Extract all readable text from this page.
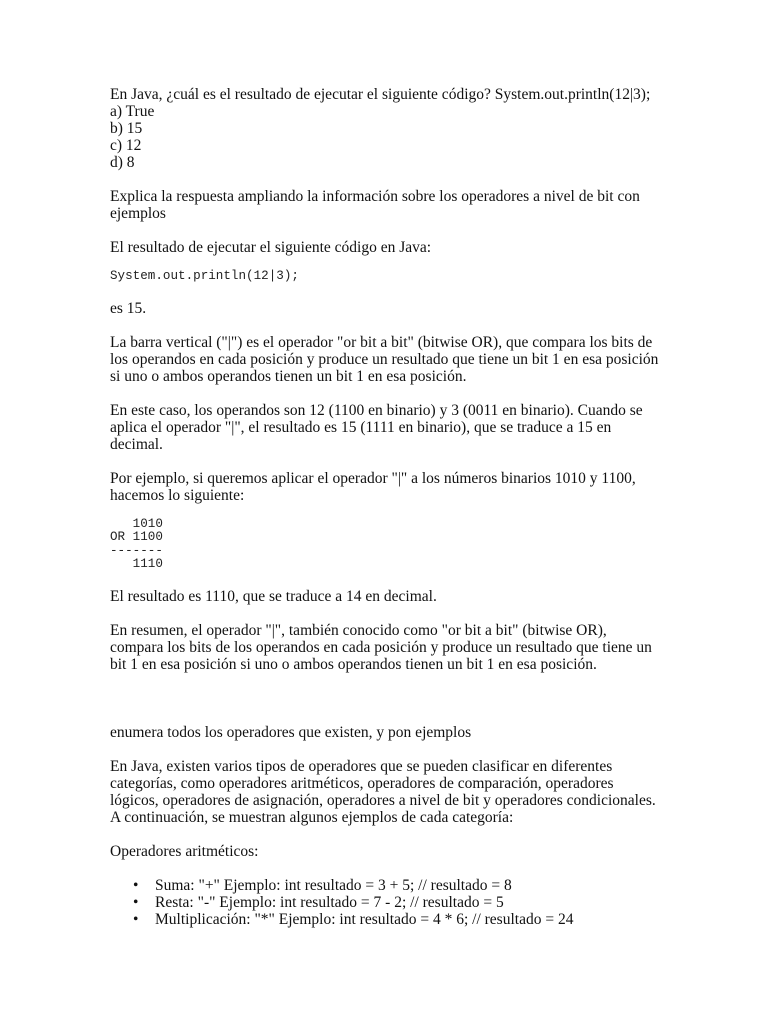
En Java, ¿cuál es el resultado de ejecutar el siguiente código? System.out.println(12|3);
a) True
b) 15
c) 12
d) 8
Explica la respuesta ampliando la información sobre los operadores a nivel de bit con
ejemplos

El resultado de ejecutar el siguiente código en Java:

System.out.println(12|3);

es 15.

La barra vertical ("|") es el operador "or bit a bit" (bitwise OR), que compara los bits de
los operandos en cada posición y produce un resultado que tiene un bit 1 en esa posición
si uno o ambos operandos tienen un bit 1 en esa posición.
En este caso, los operandos son 12 (1100 en binario) y 3 (0011 en binario). Cuando se
aplica el operador "|", el resultado es 15 (1111 en binario), que se traduce a 15 en
decimal.
Por ejemplo, si queremos aplicar el operador "|" a los números binarios 1010 y 1100,
hacemos lo siguiente:
1010
OR 1100
-------
1110

El resultado es 1110, que se traduce a 14 en decimal.

En resumen, el operador "|", también conocido como "or bit a bit" (bitwise OR),
compara los bits de los operandos en cada posición y produce un resultado que tiene un
bit 1 en esa posición si uno o ambos operandos tienen un bit 1 en esa posición.

enumera todos los operadores que existen, y pon ejemplos

En Java, existen varios tipos de operadores que se pueden clasificar en diferentes
categorías, como operadores aritméticos, operadores de comparación, operadores
lógicos, operadores de asignación, operadores a nivel de bit y operadores condicionales.
A continuación, se muestran algunos ejemplos de cada categoría:

Operadores aritméticos:

• Suma: "+" Ejemplo: int resultado = 3 + 5; // resultado = 8
• Resta: "-" Ejemplo: int resultado = 7 - 2; // resultado = 5
• Multiplicación: "*" Ejemplo: int resultado = 4 * 6; // resultado = 24
